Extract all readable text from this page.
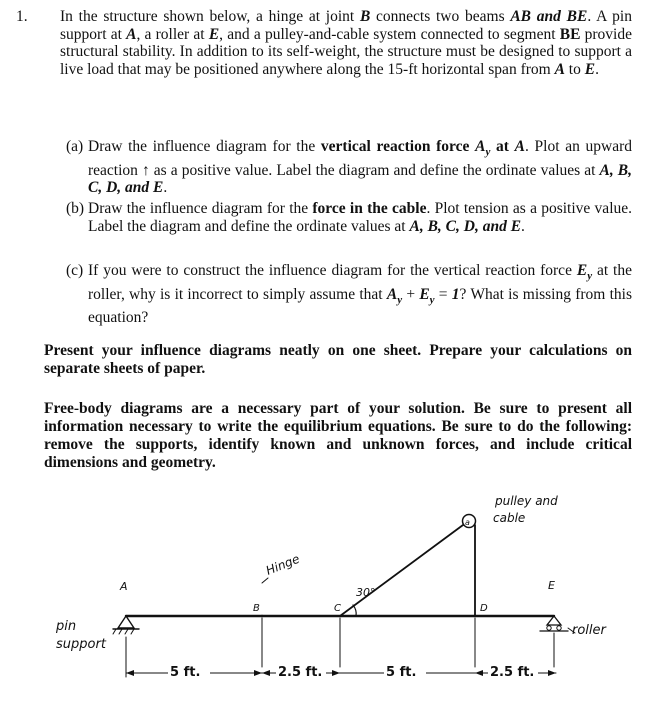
1. In the structure shown below, a hinge at joint B connects two beams AB and BE. A pin support at A, a roller at E, and a pulley-and-cable system connected to segment BE provide structural stability. In addition to its self-weight, the structure must be designed to support a live load that may be positioned anywhere along the 15-ft horizontal span from A to E.
(a) Draw the influence diagram for the vertical reaction force $A_y$ at A. Plot an upward reaction ↑ as a positive value. Label the diagram and define the ordinate values at A, B, C, D, and E.
(b) Draw the influence diagram for the force in the cable. Plot tension as a positive value. Label the diagram and define the ordinate values at A, B, C, D, and E.
(c) If you were to construct the influence diagram for the vertical reaction force $E_y$ at the roller, why is it incorrect to simply assume that $A_y + E_y = 1$? What is missing from this equation?
Present your influence diagrams neatly on one sheet. Prepare your calculations on separate sheets of paper.
Free-body diagrams are a necessary part of your solution. Be sure to present all information necessary to write the equilibrium equations. Be sure to do the following: remove the supports, identify known and unknown forces, and include critical dimensions and geometry.
5 ft.	2.5 ft.	5 ft.	2.5 ft.
pulley and
cable
a
Hinge
30°
A
B	C	D
E
pin
support
roller
